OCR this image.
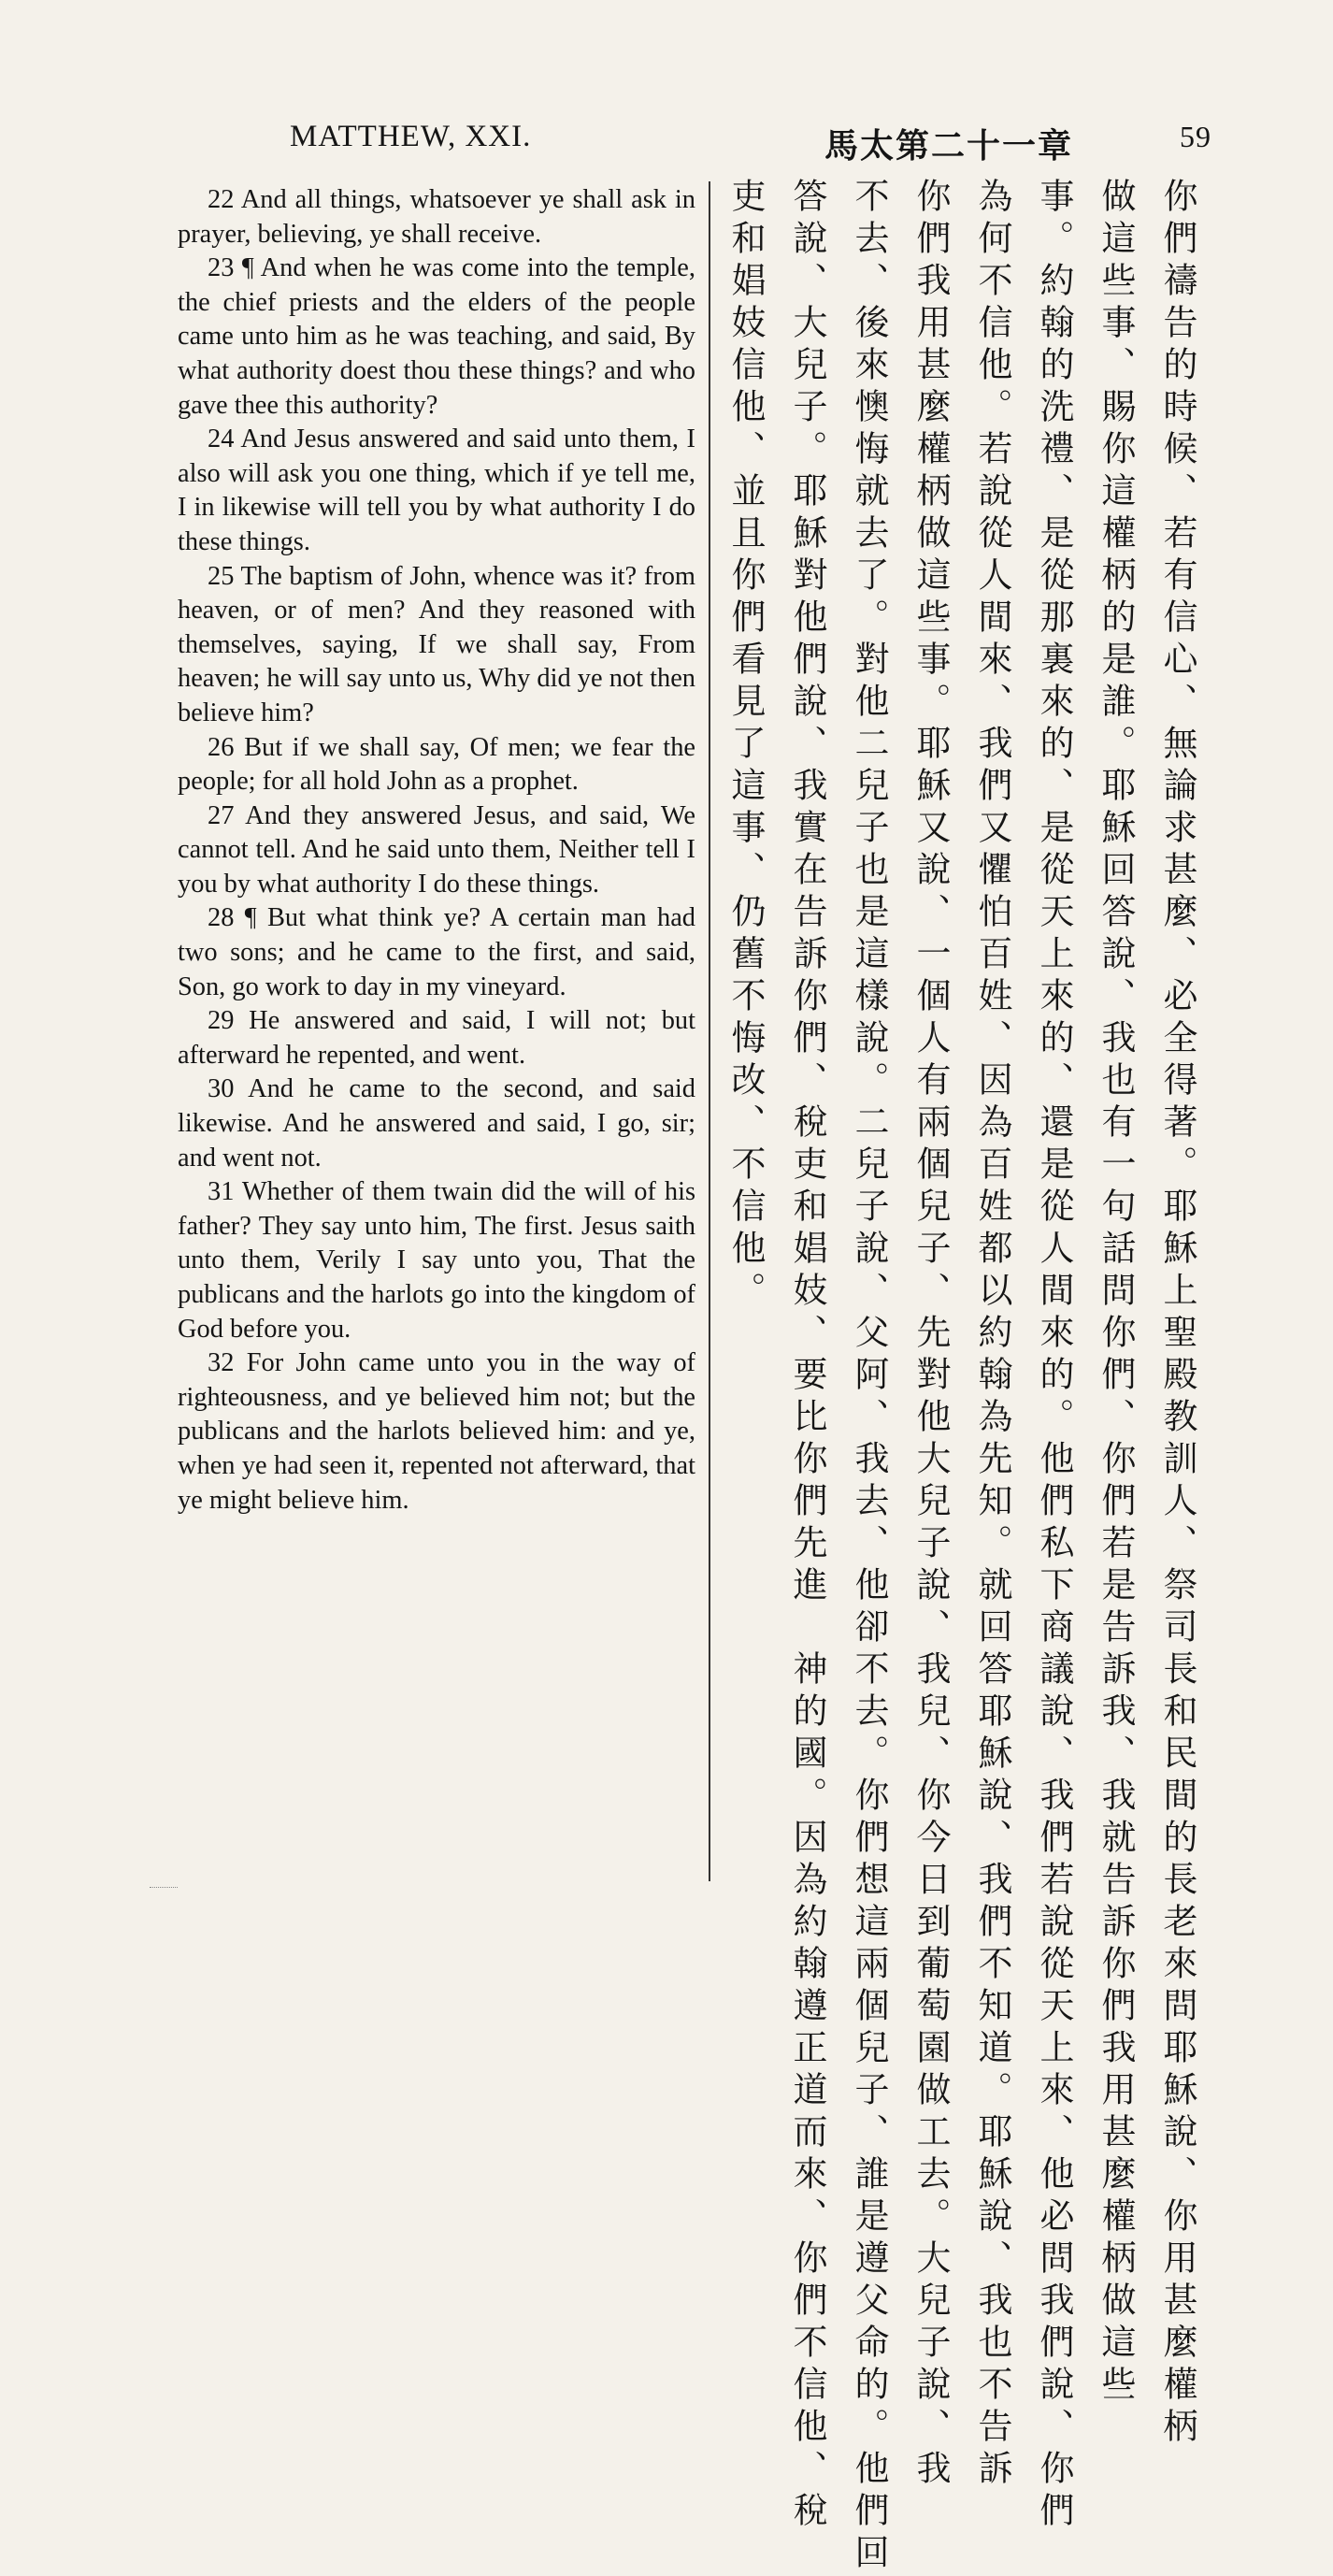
MATTHEW, XXI.	馬太第二十一章	59

22 And all things, whatsoever ye shall ask in prayer, believing, ye shall receive.

23 ¶ And when he was come into the temple, the chief priests and the elders of the people came unto him as he was teaching, and said, By what authority doest thou these things? and who gave thee this authority?

24 And Jesus answered and said unto them, I also will ask you one thing, which if ye tell me, I in likewise will tell you by what authority I do these things.

25 The baptism of John, whence was it? from heaven, or of men? And they reasoned with themselves, saying, If we shall say, From heaven; he will say unto us, Why did ye not then believe him?

26 But if we shall say, Of men; we fear the people; for all hold John as a prophet.

27 And they answered Jesus, and said, We cannot tell. And he said unto them, Neither tell I you by what authority I do these things.

28 ¶ But what think ye? A certain man had two sons; and he came to the first, and said, Son, go work to day in my vineyard.

29 He answered and said, I will not; but afterward he repented, and went.

30 And he came to the second, and said likewise. And he answered and said, I go, sir; and went not.

31 Whether of them twain did the will of his father? They say unto him, The first. Jesus saith unto them, Verily I say unto you, That the publicans and the harlots go into the kingdom of God before you.

32 For John came unto you in the way of righteousness, and ye believed him not; but the publicans and the harlots believed him: and ye, when ye had seen it, repented not afterward, that ye might believe him.	你們禱告的時候、若有信心、無論求甚麼、必全得著。耶穌上聖殿教訓人、祭司長和民間的長老來問耶穌說、你用甚麼權柄
做這些事、賜你這權柄的是誰。耶穌回答說、我也有一句話問你們、你們若是告訴我、我就告訴你們我用甚麼權柄做這些
事。約翰的洗禮、是從那裏來的、是從天上來的、還是從人間來的。他們私下商議說、我們若說從天上來、他必問我們說、你們
為何不信他。若說從人間來、我們又懼怕百姓、因為百姓都以約翰為先知。就回答耶穌說、我們不知道。耶穌說、我也不告訴
你們我用甚麼權柄做這些事。耶穌又說、一個人有兩個兒子、先對他大兒子說、我兒、你今日到葡萄園做工去。大兒子說、我
不去、後來懊悔就去了。對他二兒子也是這樣說。二兒子說、父阿、我去、他卻不去。你們想這兩個兒子、誰是遵父命的。他們回
答說、大兒子。耶穌對他們說、我實在告訴你們、稅吏和娼妓、要比你們先進　神的國。因為約翰遵正道而來、你們不信他、稅
吏和娼妓信他、並且你們看見了這事、仍舊不悔改、不信他。
